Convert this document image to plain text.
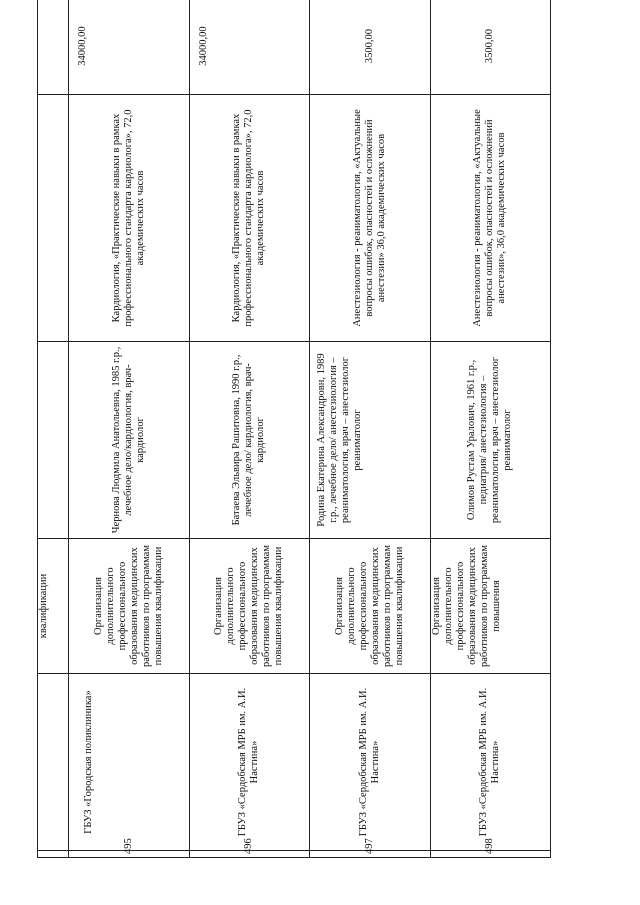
		квалификации			
495	ГБУЗ «Городская поликлиника»	Организация дополнительного профессионального образования медицинских работников по программам повышения квалификации	Чернова Людмила Анатольевна, 1985 г.р., лечебное дело/кардиология, врач-кардиолог	Кардиология, «Практические навыки в рамках профессионального стандарта кардиолога», 72,0 академических часов	34000,00
496	ГБУЗ «Сердобская МРБ им. А.И. Настина»	Организация дополнительного профессионального образования медицинских работников по программам повышения квалификации	Батаева Эльвира Рашитовна, 1990 г.р., лечебное дело/ кардиология, врач-кардиолог	Кардиология, «Практические навыки в рамках профессионального стандарта кардиолога», 72,0 академических часов	34000,00
497	ГБУЗ «Сердобская МРБ им. А.И. Настина»	Организация дополнительного профессионального образования медицинских работников по программам повышения квалификации	Родина Екатерина Александровн, 1989 г.р., лечебное дело/ анестезиология – реаниматология, врач – анестезиолог реаниматолог	Анестезиология - реаниматология, «Актуальные вопросы ошибок, опасностей и осложнений анестезии» 36,0 академических часов	3500,00
498	ГБУЗ «Сердобская МРБ им. А.И. Настина»	Организация дополнительного профессионального образования медицинских работников по программам повышения	Олимов Рустам Уралович, 1961 г.р., педиатрия/ анестезиология – реаниматология, врач – анестезиолог реаниматолог	Анестезиология - реаниматология, «Актуальные вопросы ошибок, опасностей и осложнений анестезии», 36,0 академических часов	3500,00
